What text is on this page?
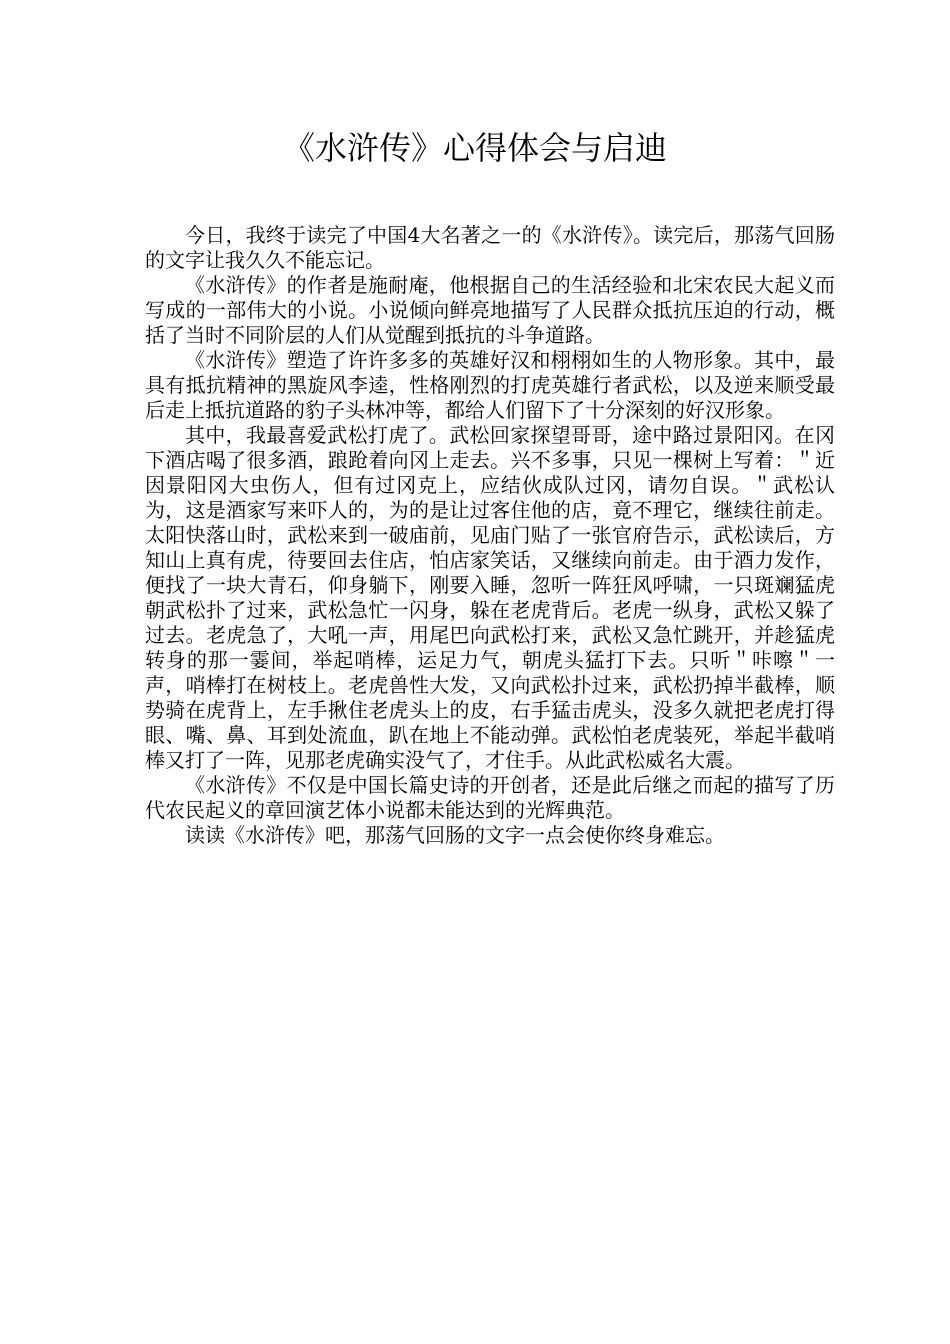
《水浒传》心得体会与启迪

今日，我终于读完了中国4大名著之一的《水浒传》。读完后，那荡气回肠的文字让我久久不能忘记。

《水浒传》的作者是施耐庵，他根据自己的生活经验和北宋农民大起义而写成的一部伟大的小说。小说倾向鲜亮地描写了人民群众抵抗压迫的行动，概括了当时不同阶层的人们从觉醒到抵抗的斗争道路。

《水浒传》塑造了许许多多的英雄好汉和栩栩如生的人物形象。其中，最具有抵抗精神的黑旋风李逵，性格刚烈的打虎英雄行者武松，以及逆来顺受最后走上抵抗道路的豹子头林冲等，都给人们留下了十分深刻的好汉形象。

其中，我最喜爱武松打虎了。武松回家探望哥哥，途中路过景阳冈。在冈下酒店喝了很多酒，踉跄着向冈上走去。兴不多事，只见一棵树上写着：＂近因景阳冈大虫伤人，但有过冈克上，应结伙成队过冈，请勿自误。＂武松认为，这是酒家写来吓人的，为的是让过客住他的店，竟不理它，继续往前走。太阳快落山时，武松来到一破庙前，见庙门贴了一张官府告示，武松读后，方知山上真有虎，待要回去住店，怕店家笑话，又继续向前走。由于酒力发作，便找了一块大青石，仰身躺下，刚要入睡，忽听一阵狂风呼啸，一只斑斓猛虎朝武松扑了过来，武松急忙一闪身，躲在老虎背后。老虎一纵身，武松又躲了过去。老虎急了，大吼一声，用尾巴向武松打来，武松又急忙跳开，并趁猛虎转身的那一霎间，举起哨棒，运足力气，朝虎头猛打下去。只听＂咔嚓＂一声，哨棒打在树枝上。老虎兽性大发，又向武松扑过来，武松扔掉半截棒，顺势骑在虎背上，左手揪住老虎头上的皮，右手猛击虎头，没多久就把老虎打得眼、嘴、鼻、耳到处流血，趴在地上不能动弹。武松怕老虎装死，举起半截哨棒又打了一阵，见那老虎确实没气了，才住手。从此武松威名大震。

《水浒传》不仅是中国长篇史诗的开创者，还是此后继之而起的描写了历代农民起义的章回演艺体小说都未能达到的光辉典范。

读读《水浒传》吧，那荡气回肠的文字一点会使你终身难忘。
